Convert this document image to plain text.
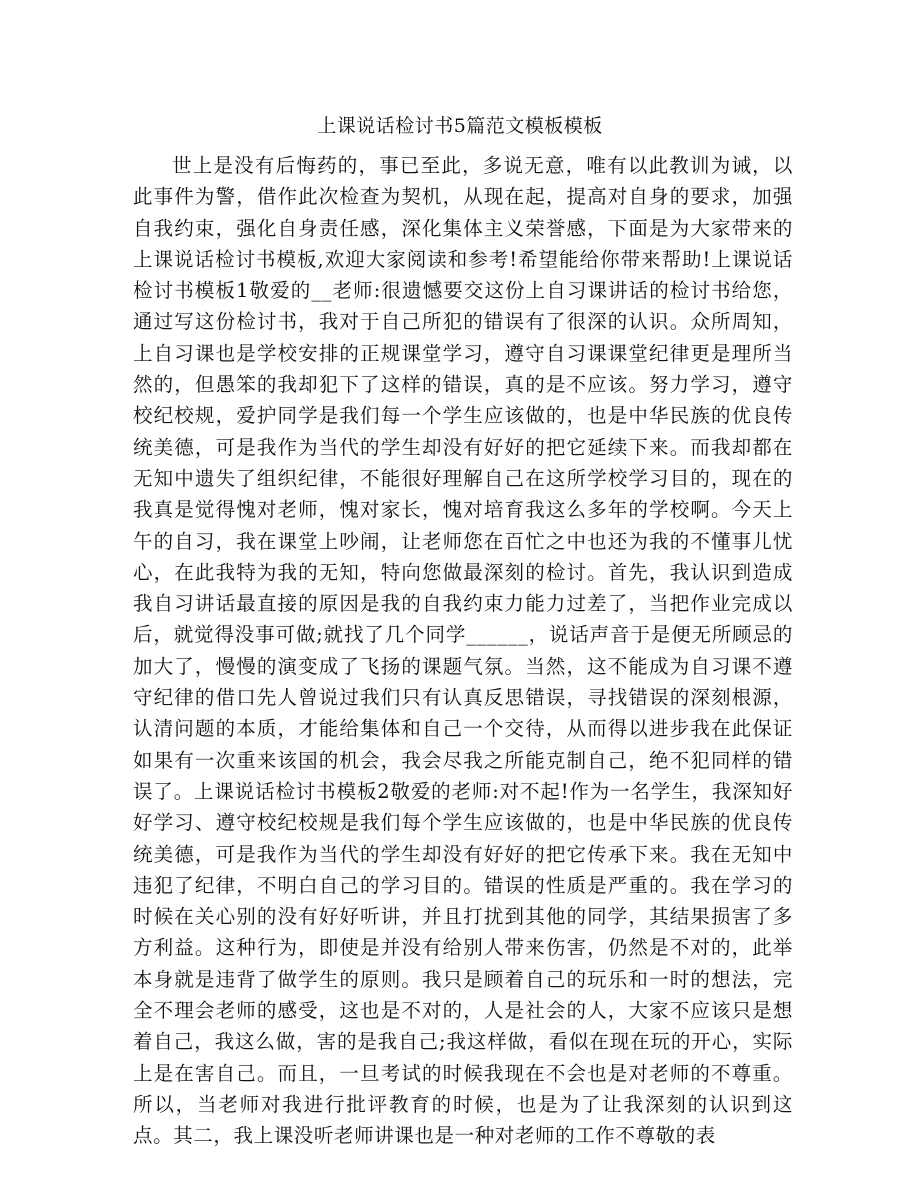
上课说话检讨书5篇范文模板模板
世上是没有后悔药的，事已至此，多说无意，唯有以此教训为诫，以此事件为警，借作此次检查为契机，从现在起，提高对自身的要求，加强自我约束，强化自身责任感，深化集体主义荣誉感，下面是为大家带来的上课说话检讨书模板,欢迎大家阅读和参考!希望能给你带来帮助!上课说话检讨书模板1敬爱的__老师:很遗憾要交这份上自习课讲话的检讨书给您，通过写这份检讨书，我对于自己所犯的错误有了很深的认识。众所周知，上自习课也是学校安排的正规课堂学习，遵守自习课课堂纪律更是理所当然的，但愚笨的我却犯下了这样的错误，真的是不应该。努力学习，遵守校纪校规，爱护同学是我们每一个学生应该做的，也是中华民族的优良传统美德，可是我作为当代的学生却没有好好的把它延续下来。而我却都在无知中遗失了组织纪律，不能很好理解自己在这所学校学习目的，现在的我真是觉得愧对老师，愧对家长，愧对培育我这么多年的学校啊。今天上午的自习，我在课堂上吵闹，让老师您在百忙之中也还为我的不懂事儿忧心，在此我特为我的无知，特向您做最深刻的检讨。首先，我认识到造成我自习讲话最直接的原因是我的自我约束力能力过差了，当把作业完成以后，就觉得没事可做;就找了几个同学______，说话声音于是便无所顾忌的加大了，慢慢的演变成了飞扬的课题气氛。当然，这不能成为自习课不遵守纪律的借口先人曾说过我们只有认真反思错误，寻找错误的深刻根源，认清问题的本质，才能给集体和自己一个交待，从而得以进步我在此保证如果有一次重来该国的机会，我会尽我之所能克制自己，绝不犯同样的错误了。上课说话检讨书模板2敬爱的老师:对不起!作为一名学生，我深知好好学习、遵守校纪校规是我们每个学生应该做的，也是中华民族的优良传统美德，可是我作为当代的学生却没有好好的把它传承下来。我在无知中违犯了纪律，不明白自己的学习目的。错误的性质是严重的。我在学习的时候在关心别的没有好好听讲，并且打扰到其他的同学，其结果损害了多方利益。这种行为，即使是并没有给别人带来伤害，仍然是不对的，此举本身就是违背了做学生的原则。我只是顾着自己的玩乐和一时的想法，完全不理会老师的感受，这也是不对的，人是社会的人，大家不应该只是想着自己，我这么做，害的是我自己;我这样做，看似在现在玩的开心，实际上是在害自己。而且，一旦考试的时候我现在不会也是对老师的不尊重。所以，当老师对我进行批评教育的时候，也是为了让我深刻的认识到这点。其二，我上课没听老师讲课也是一种对老师的工作不尊敬的表
